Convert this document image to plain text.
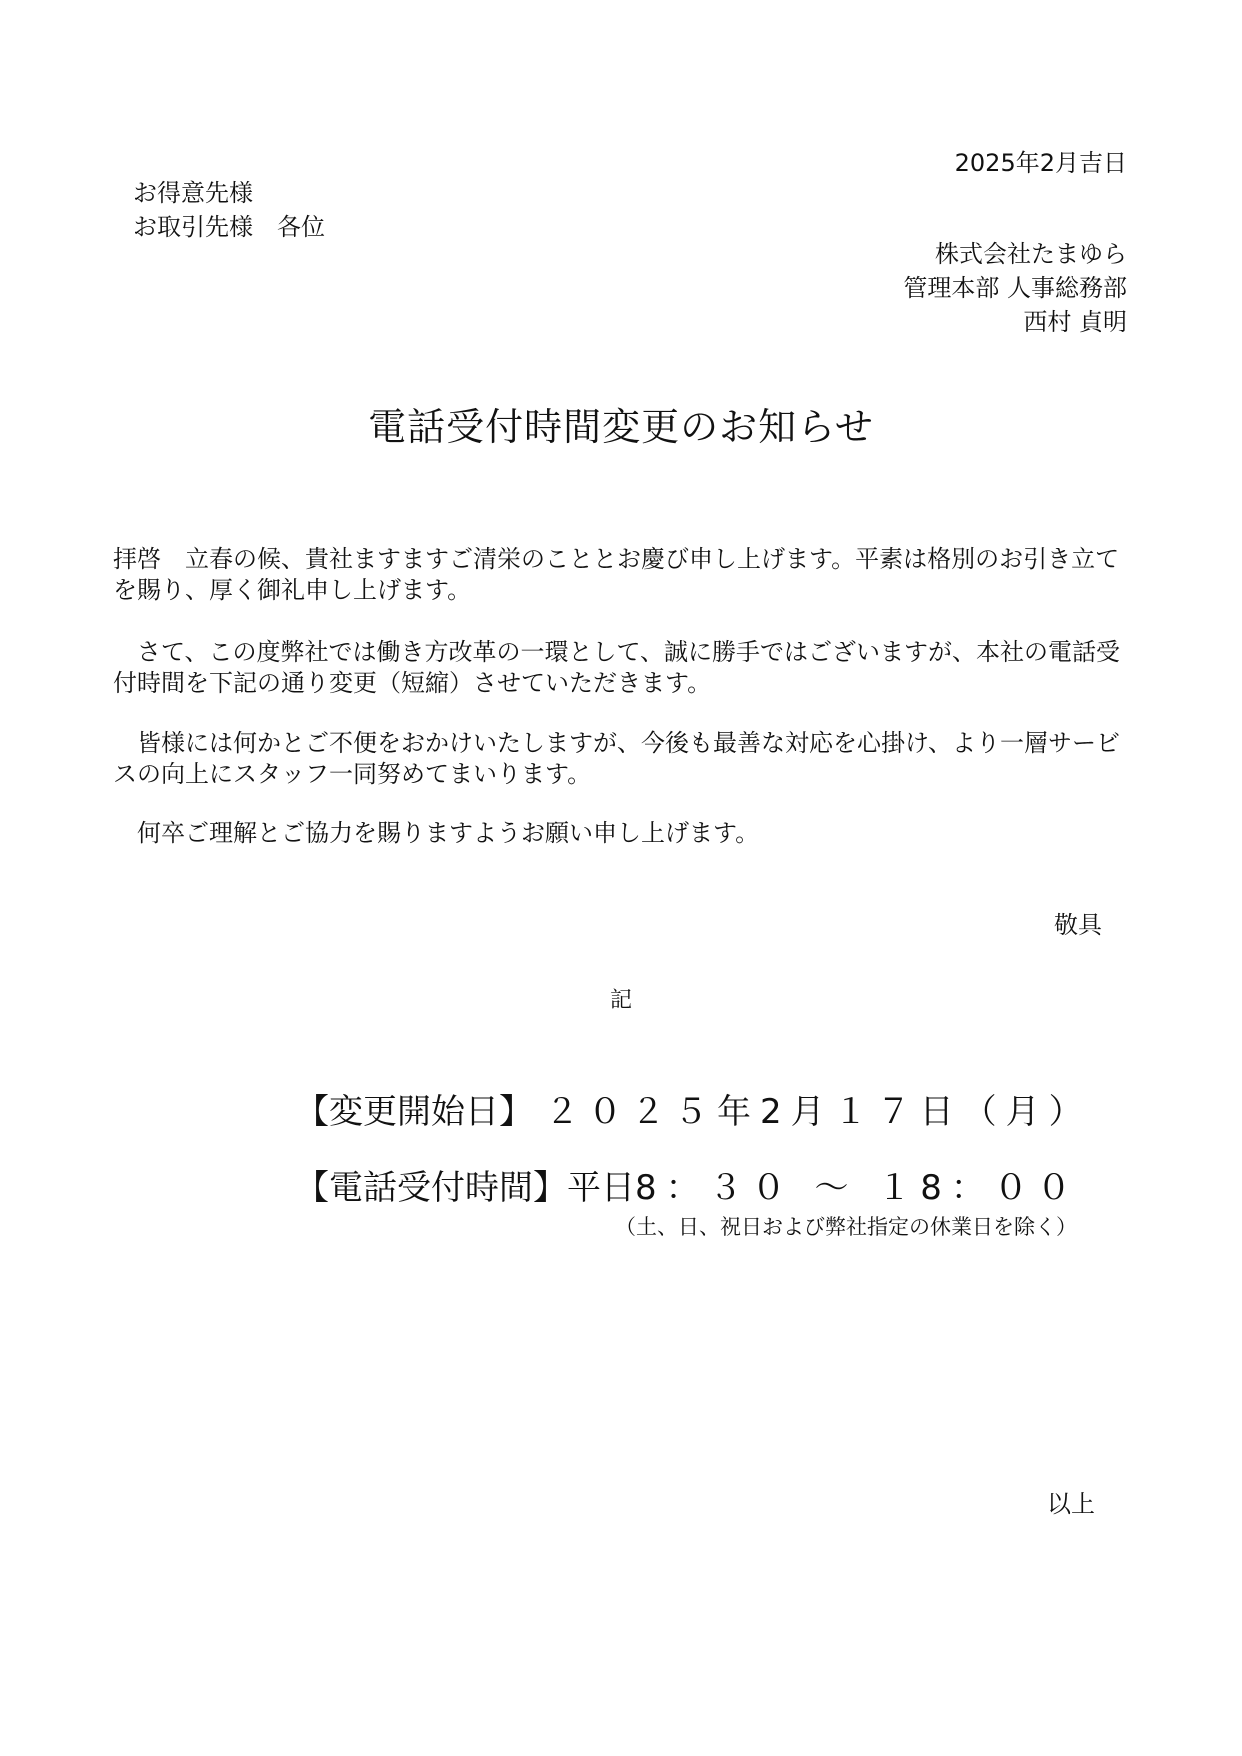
2025年2月吉日
お得意先様
お取引先様　各位
株式会社たまゆら
管理本部 人事総務部
西村 貞明
電話受付時間変更のお知らせ
拝啓　立春の候、貴社ますますご清栄のこととお慶び申し上げます。平素は格別のお引き立てを賜り、厚く御礼申し上げます。
　さて、この度弊社では働き方改革の一環として、誠に勝手ではございますが、本社の電話受付時間を下記の通り変更（短縮）させていただきます。
　皆様には何かとご不便をおかけいたしますが、今後も最善な対応を心掛け、より一層サービスの向上にスタッフ一同努めてまいります。
　何卒ご理解とご協力を賜りますようお願い申し上げます。
敬具
記
【変更開始日】 ２０２５年2月１７日（月）
【電話受付時間】平日8：３０ ～ １8：００
（土、日、祝日および弊社指定の休業日を除く）
以上
